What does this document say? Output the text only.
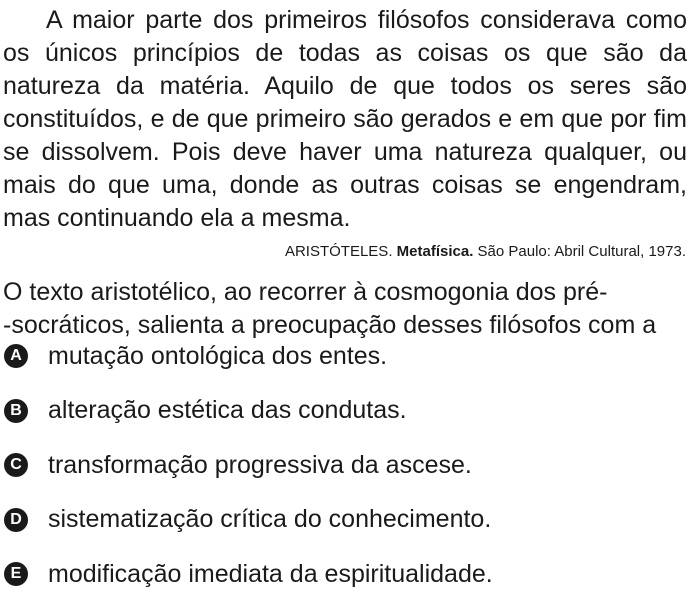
A maior parte dos primeiros filósofos considerava como os únicos princípios de todas as coisas os que são da natureza da matéria. Aquilo de que todos os seres são constituídos, e de que primeiro são gerados e em que por fim se dissolvem. Pois deve haver uma natureza qualquer, ou mais do que uma, donde as outras coisas se engendram, mas continuando ela a mesma.

ARISTÓTELES. Metafísica. São Paulo: Abril Cultural, 1973.

O texto aristotélico, ao recorrer à cosmogonia dos pré-
-socráticos, salienta a preocupação desses filósofos com a

A mutação ontológica dos entes.
B alteração estética das condutas.
C transformação progressiva da ascese.
D sistematização crítica do conhecimento.
E modificação imediata da espiritualidade.
